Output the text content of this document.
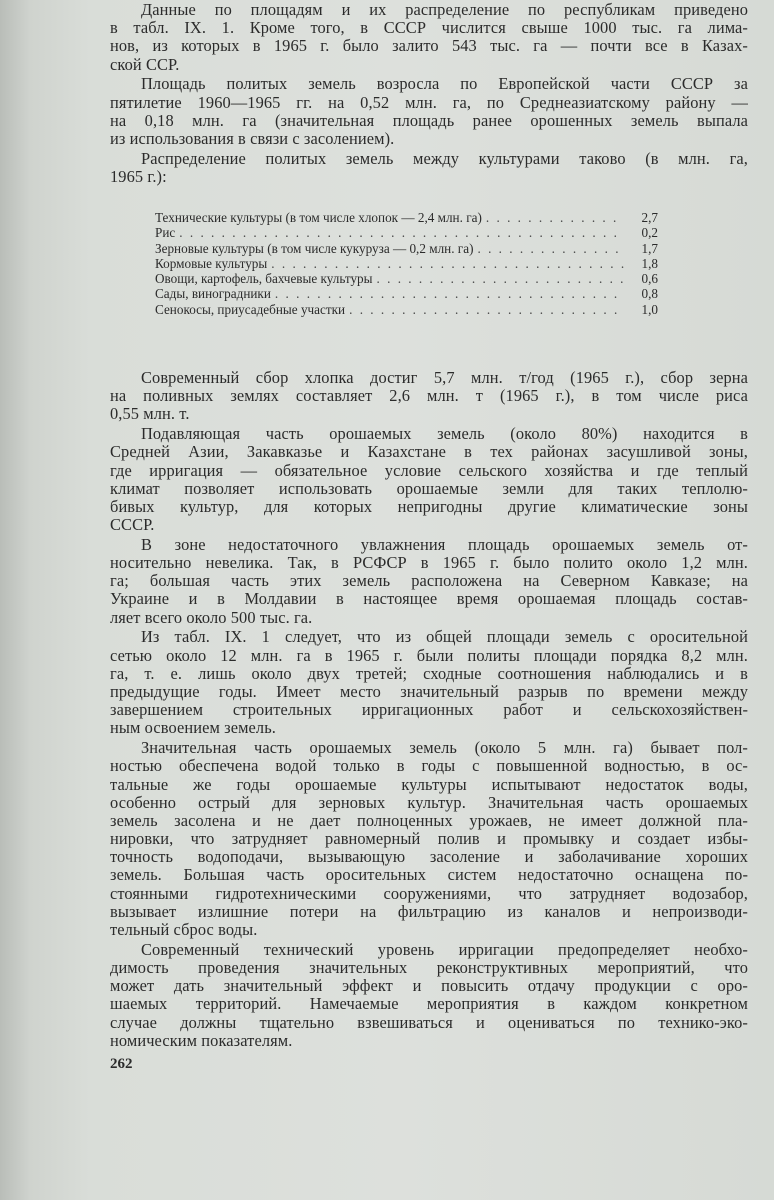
Данные по площадям и их распределение по республикам приведено
в табл. IX. 1. Кроме того, в СССР числится свыше 1000 тыс. га лима-
нов, из которых в 1965 г. было залито 543 тыс. га — почти все в Казах-
ской ССР.
Площадь политых земель возросла по Европейской части СССР за
пятилетие 1960—1965 гг. на 0,52 млн. га, по Среднеазиатскому району —
на 0,18 млн. га (значительная площадь ранее орошенных земель выпала
из использования в связи с засолением).
Распределение политых земель между культурами таково (в млн. га,
1965 г.):
Технические культуры (в том числе хлопок — 2,4 млн. га) . . .	2,7
Рис . . .	0,2
Зерновые культуры (в том числе кукуруза — 0,2 млн. га) . . .	1,7
Кормовые культуры . . .	1,8
Овощи, картофель, бахчевые культуры . . .	0,6
Сады, виноградники . . .	0,8
Сенокосы, приусадебные участки . . .	1,0
Современный сбор хлопка достиг 5,7 млн. т/год (1965 г.), сбор зерна
на поливных землях составляет 2,6 млн. т (1965 г.), в том числе риса
0,55 млн. т.
Подавляющая часть орошаемых земель (около 80%) находится в
Средней Азии, Закавказье и Казахстане в тех районах засушливой зоны,
где ирригация — обязательное условие сельского хозяйства и где теплый
климат позволяет использовать орошаемые земли для таких теплолю-
бивых культур, для которых непригодны другие климатические зоны
СССР.
В зоне недостаточного увлажнения площадь орошаемых земель от-
носительно невелика. Так, в РСФСР в 1965 г. было полито около 1,2 млн.
га; большая часть этих земель расположена на Северном Кавказе; на
Украине и в Молдавии в настоящее время орошаемая площадь состав-
ляет всего около 500 тыс. га.
Из табл. IX. 1 следует, что из общей площади земель с оросительной
сетью около 12 млн. га в 1965 г. были политы площади порядка 8,2 млн.
га, т. е. лишь около двух третей; сходные соотношения наблюдались и в
предыдущие годы. Имеет место значительный разрыв по времени между
завершением строительных ирригационных работ и сельскохозяйствен-
ным освоением земель.
Значительная часть орошаемых земель (около 5 млн. га) бывает пол-
ностью обеспечена водой только в годы с повышенной водностью, в ос-
тальные же годы орошаемые культуры испытывают недостаток воды,
особенно острый для зерновых культур. Значительная часть орошаемых
земель засолена и не дает полноценных урожаев, не имеет должной пла-
нировки, что затрудняет равномерный полив и промывку и создает избы-
точность водоподачи, вызывающую засоление и заболачивание хороших
земель. Большая часть оросительных систем недостаточно оснащена по-
стоянными гидротехническими сооружениями, что затрудняет водозабор,
вызывает излишние потери на фильтрацию из каналов и непроизводи-
тельный сброс воды.
Современный технический уровень ирригации предопределяет необхо-
димость проведения значительных реконструктивных мероприятий, что
может дать значительный эффект и повысить отдачу продукции с оро-
шаемых территорий. Намечаемые мероприятия в каждом конкретном
случае должны тщательно взвешиваться и оцениваться по технико-эко-
номическим показателям.
262
